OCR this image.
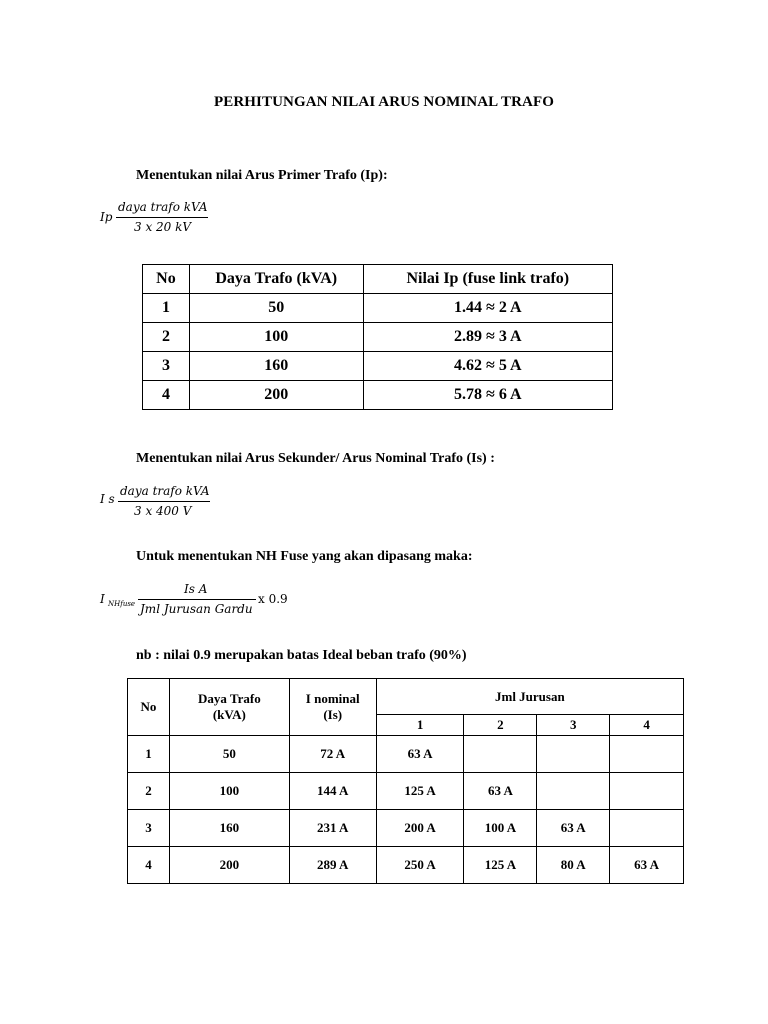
PERHITUNGAN NILAI ARUS NOMINAL TRAFO
Menentukan nilai Arus Primer Trafo (Ip):
Ip
daya trafo kVA
3 x 20 kV
No	Daya Trafo (kVA)	Nilai Ip (fuse link trafo)
1	50	1.44 ≈ 2 A
2	100	2.89 ≈ 3 A
3	160	4.62 ≈ 5 A
4	200	5.78 ≈ 6 A
Menentukan nilai Arus Sekunder/ Arus Nominal Trafo (Is) :
I s
daya trafo kVA
3 x 400 V
Untuk menentukan NH Fuse yang akan dipasang maka:
I NHfuse
Is A
Jml Jurusan Gardu
x 0.9
nb : nilai 0.9 merupakan batas Ideal beban trafo (90%)
No	Daya Trafo (kVA)	I nominal (Is)	Jml Jurusan			
			1	2	3	4
1	50	72 A	63 A			
2	100	144 A	125 A	63 A		
3	160	231 A	200 A	100 A	63 A	
4	200	289 A	250 A	125 A	80 A	63 A
